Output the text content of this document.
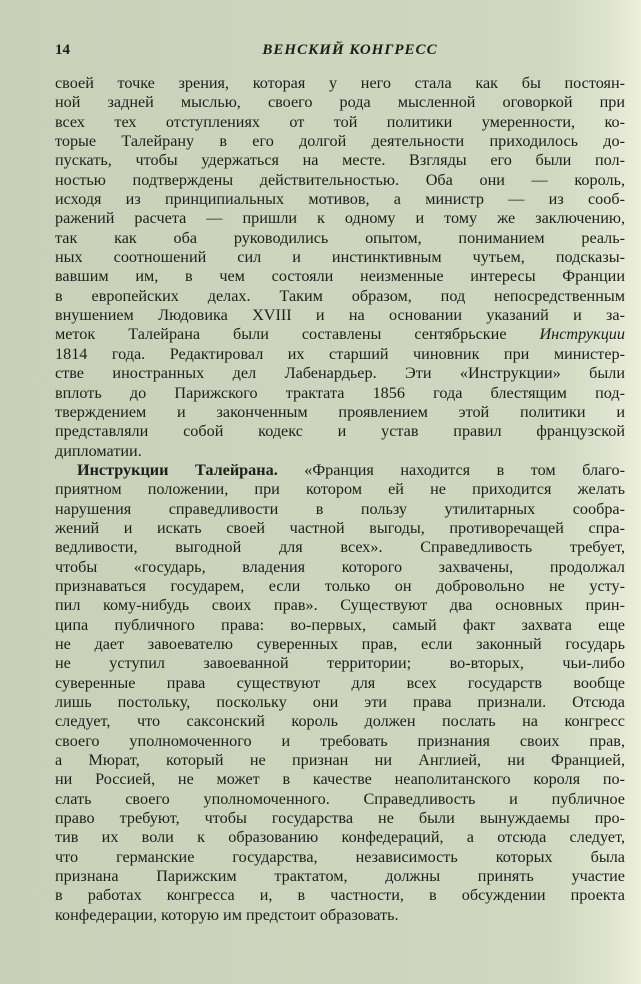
14	ВЕНСКИЙ КОНГРЕСС
своей точке зрения, которая у него стала как бы постоян-
ной задней мыслью, своего рода мысленной оговоркой при
всех тех отступлениях от той политики умеренности, ко-
торые Талейрану в его долгой деятельности приходилось до-
пускать, чтобы удержаться на месте. Взгляды его были пол-
ностью подтверждены действительностью. Оба они — король,
исходя из принципиальных мотивов, а министр — из сооб-
ражений расчета — пришли к одному и тому же заключению,
так как оба руководились опытом, пониманием реаль-
ных соотношений сил и инстинктивным чутьем, подсказы-
вавшим им, в чем состояли неизменные интересы Франции
в европейских делах. Таким образом, под непосредственным
внушением Людовика XVIII и на основании указаний и за-
меток Талейрана были составлены сентябрьские Инструкции
1814 года. Редактировал их старший чиновник при министер-
стве иностранных дел Лабенардьер. Эти «Инструкции» были
вплоть до Парижского трактата 1856 года блестящим под-
тверждением и законченным проявлением этой политики и
представляли собой кодекс и устав правил французской
дипломатии.
Инструкции Талейрана. «Франция находится в том благо-
приятном положении, при котором ей не приходится желать
нарушения справедливости в пользу утилитарных сообра-
жений и искать своей частной выгоды, противоречащей спра-
ведливости, выгодной для всех». Справедливость требует,
чтобы «государь, владения которого захвачены, продолжал
признаваться государем, если только он добровольно не усту-
пил кому-нибудь своих прав». Существуют два основных прин-
ципа публичного права: во-первых, самый факт захвата еще
не дает завоевателю суверенных прав, если законный государь
не уступил завоеванной территории; во-вторых, чьи-либо
суверенные права существуют для всех государств вообще
лишь постольку, поскольку они эти права признали. Отсюда
следует, что саксонский король должен послать на конгресс
своего уполномоченного и требовать признания своих прав,
а Мюрат, который не признан ни Англией, ни Францией,
ни Россией, не может в качестве неаполитанского короля по-
слать своего уполномоченного. Справедливость и публичное
право требуют, чтобы государства не были вынуждаемы про-
тив их воли к образованию конфедераций, а отсюда следует,
что германские государства, независимость которых была
признана Парижским трактатом, должны принять участие
в работах конгресса и, в частности, в обсуждении проекта
конфедерации, которую им предстоит образовать.
